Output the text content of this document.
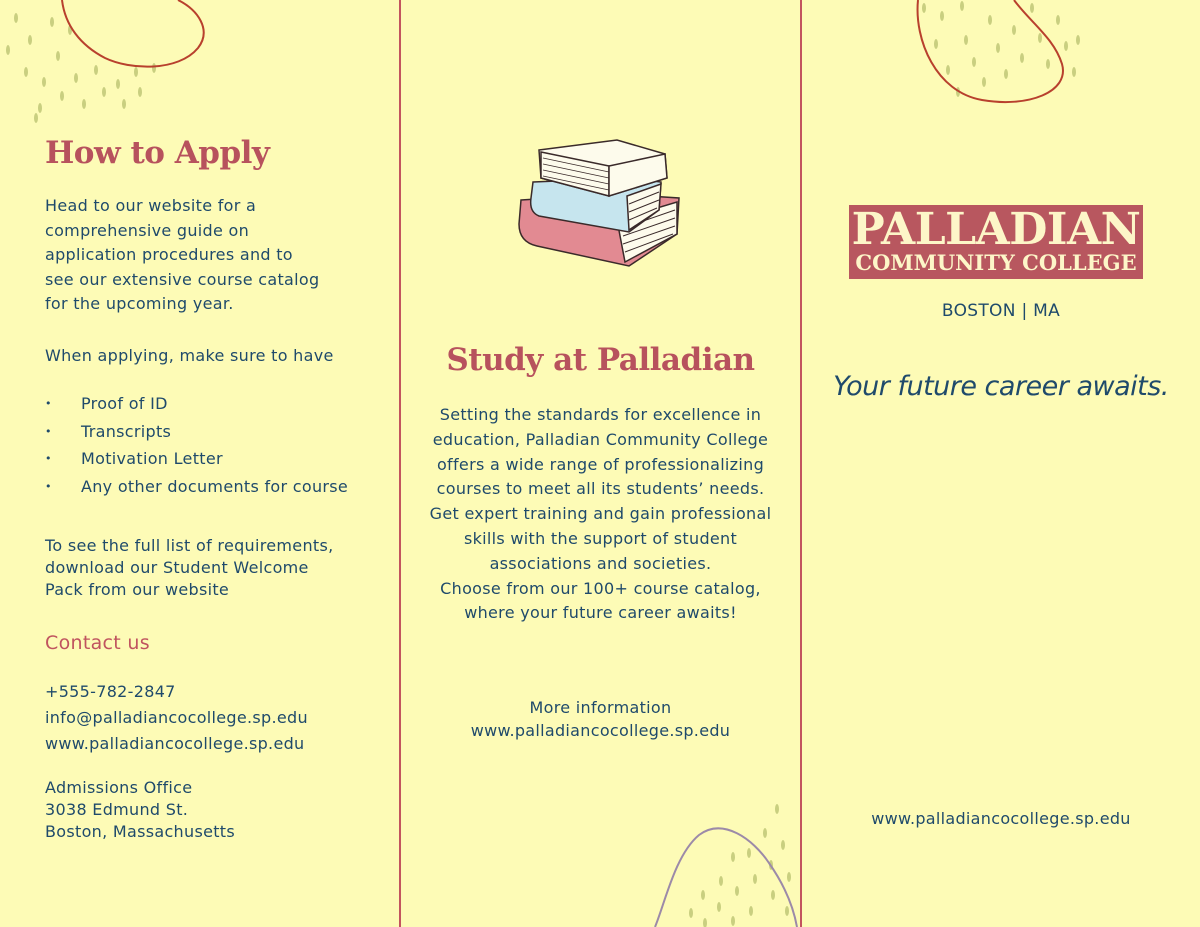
How to Apply
Head to our website for a
comprehensive guide on
application procedures and to
see our extensive course catalog
for the upcoming year.
When applying, make sure to have
• Proof of ID
• Transcripts
• Motivation Letter
• Any other documents for course
To see the full list of requirements,
download our Student Welcome
Pack from our website
Contact us
+555-782-2847
info@palladiancocollege.sp.edu
www.palladiancocollege.sp.edu
Admissions Office
3038 Edmund St.
Boston, Massachusetts
Study at Palladian
Setting the standards for excellence in
education, Palladian Community College
offers a wide range of professionalizing
courses to meet all its students’ needs.
Get expert training and gain professional
skills with the support of student
associations and societies.
Choose from our 100+ course catalog,
where your future career awaits!
More information
www.palladiancocollege.sp.edu
PALLADIAN
COMMUNITY COLLEGE
BOSTON | MA
Your future career awaits.
www.palladiancocollege.sp.edu
